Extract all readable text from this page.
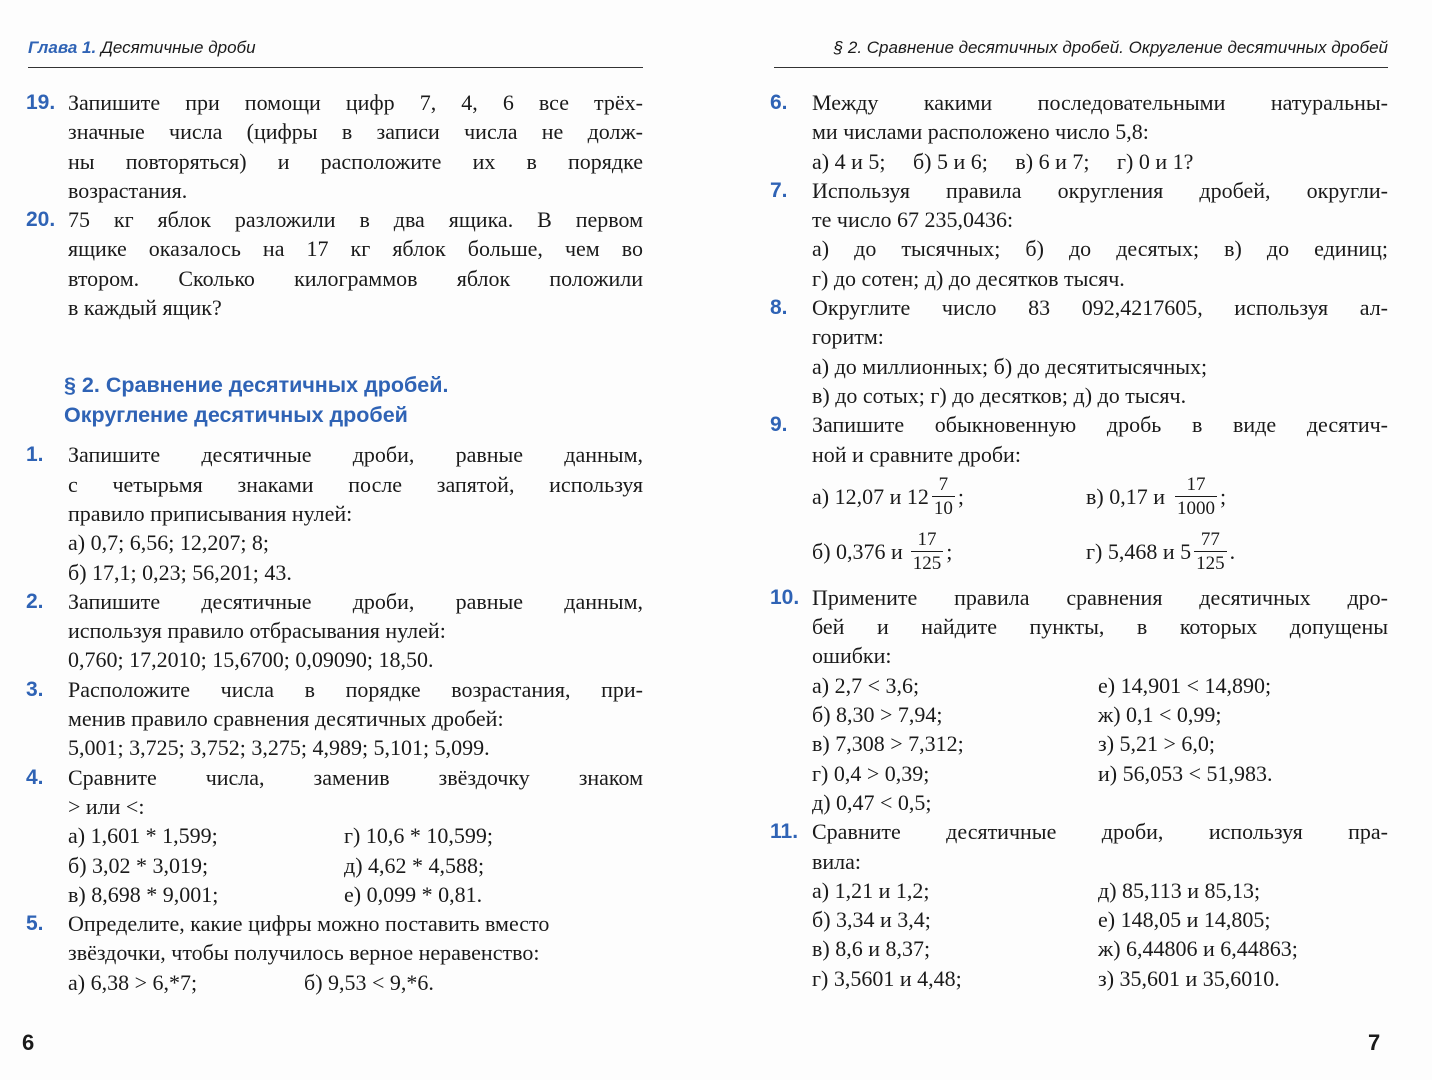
Глава 1. Десятичные дроби
19. Запишите при помощи цифр 7, 4, 6 все трёх-
значные числа (цифры в записи числа не долж-
ны повторяться) и расположите их в порядке
возрастания.
20. 75 кг яблок разложили в два ящика. В первом
ящике оказалось на 17 кг яблок больше, чем во
втором. Сколько килограммов яблок положили
в каждый ящик?
§ 2. Сравнение десятичных дробей.
Округление десятичных дробей
1. Запишите десятичные дроби, равные данным,
с четырьмя знаками после запятой, используя
правило приписывания нулей:
а) 0,7; 6,56; 12,207; 8;
б) 17,1; 0,23; 56,201; 43.
2. Запишите десятичные дроби, равные данным,
используя правило отбрасывания нулей:
0,760; 17,2010; 15,6700; 0,09090; 18,50.
3. Расположите числа в порядке возрастания, при-
менив правило сравнения десятичных дробей:
5,001; 3,725; 3,752; 3,275; 4,989; 5,101; 5,099.
4. Сравните числа, заменив звёздочку знаком
> или <:
а) 1,601 * 1,599;	г) 10,6 * 10,599;
б) 3,02 * 3,019;	д) 4,62 * 4,588;
в) 8,698 * 9,001;	е) 0,099 * 0,81.
5. Определите, какие цифры можно поставить вместо
звёздочки, чтобы получилось верное неравенство:
а) 6,38 > 6,*7;	б) 9,53 < 9,*6.
6
§ 2. Сравнение десятичных дробей. Округление десятичных дробей
6. Между какими последовательными натуральны-
ми числами расположено число 5,8:
а) 4 и 5;     б) 5 и 6;     в) 6 и 7;     г) 0 и 1?
7. Используя правила округления дробей, округли-
те число 67 235,0436:
а) до тысячных; б) до десятых; в) до единиц;
г) до сотен; д) до десятков тысяч.
8. Округлите число 83 092,4217605, используя ал-
горитм:
а) до миллионных; б) до десятитысячных;
в) до сотых; г) до десятков; д) до тысяч.
9. Запишите обыкновенную дробь в виде десятич-
ной и сравните дроби:
а) 12,07 и $12 \frac{7}{10}$ ;	в) 0,17 и $\frac{17}{1000}$ ;
б) 0,376 и $\frac{17}{125}$ ;	г) 5,468 и $5 \frac{77}{125}$ .
10. Примените правила сравнения десятичных дро-
бей и найдите пункты, в которых допущены
ошибки:
а) 2,7 < 3,6;	е) 14,901 < 14,890;
б) 8,30 > 7,94;	ж) 0,1 < 0,99;
в) 7,308 > 7,312;	з) 5,21 > 6,0;
г) 0,4 > 0,39;	и) 56,053 < 51,983.
д) 0,47 < 0,5;
11. Сравните десятичные дроби, используя пра-
вила:
а) 1,21 и 1,2;	д) 85,113 и 85,13;
б) 3,34 и 3,4;	е) 148,05 и 14,805;
в) 8,6 и 8,37;	ж) 6,44806 и 6,44863;
г) 3,5601 и 4,48;	з) 35,601 и 35,6010.
7
